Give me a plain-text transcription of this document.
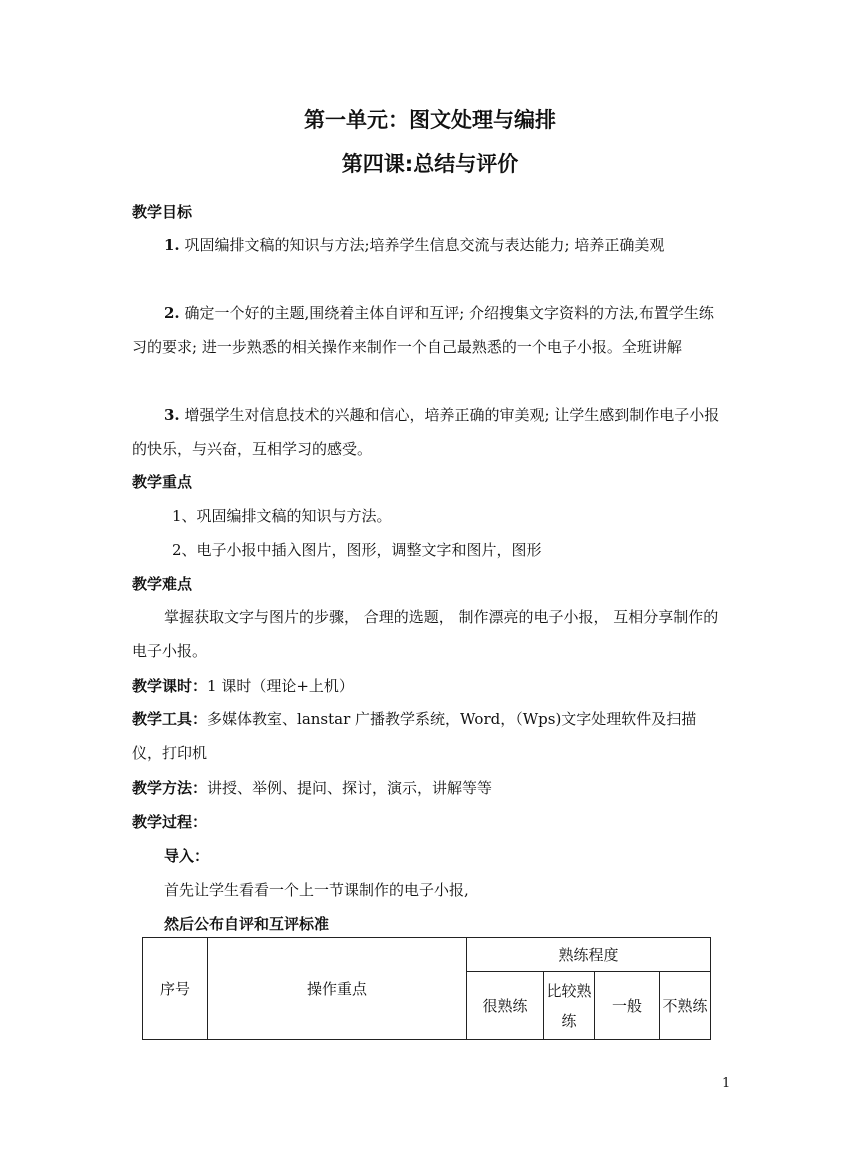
第一单元：图文处理与编排
第四课:总结与评价
教学目标
1. 巩固编排文稿的知识与方法;培养学生信息交流与表达能力; 培养正确美观
2. 确定一个好的主题,围绕着主体自评和互评; 介绍搜集文字资料的方法,布置学生练习的要求; 进一步熟悉的相关操作来制作一个自己最熟悉的一个电子小报。全班讲解
3. 增强学生对信息技术的兴趣和信心，培养正确的审美观; 让学生感到制作电子小报的快乐，与兴奋，互相学习的感受。
教学重点
1、巩固编排文稿的知识与方法。
2、电子小报中插入图片，图形，调整文字和图片，图形
教学难点
掌握获取文字与图片的步骤， 合理的选题， 制作漂亮的电子小报， 互相分享制作的电子小报。
教学课时：1 课时（理论+上机）
教学工具：多媒体教室、lanstar 广播教学系统，Word，（Wps)文字处理软件及扫描仪，打印机
教学方法：讲授、举例、提问、探讨，演示，讲解等等
教学过程：
导入：
首先让学生看看一个上一节课制作的电子小报,
然后公布自评和互评标准
序号	操作重点	熟练程度			
		很熟练	比较熟练	一般	不熟练
1
